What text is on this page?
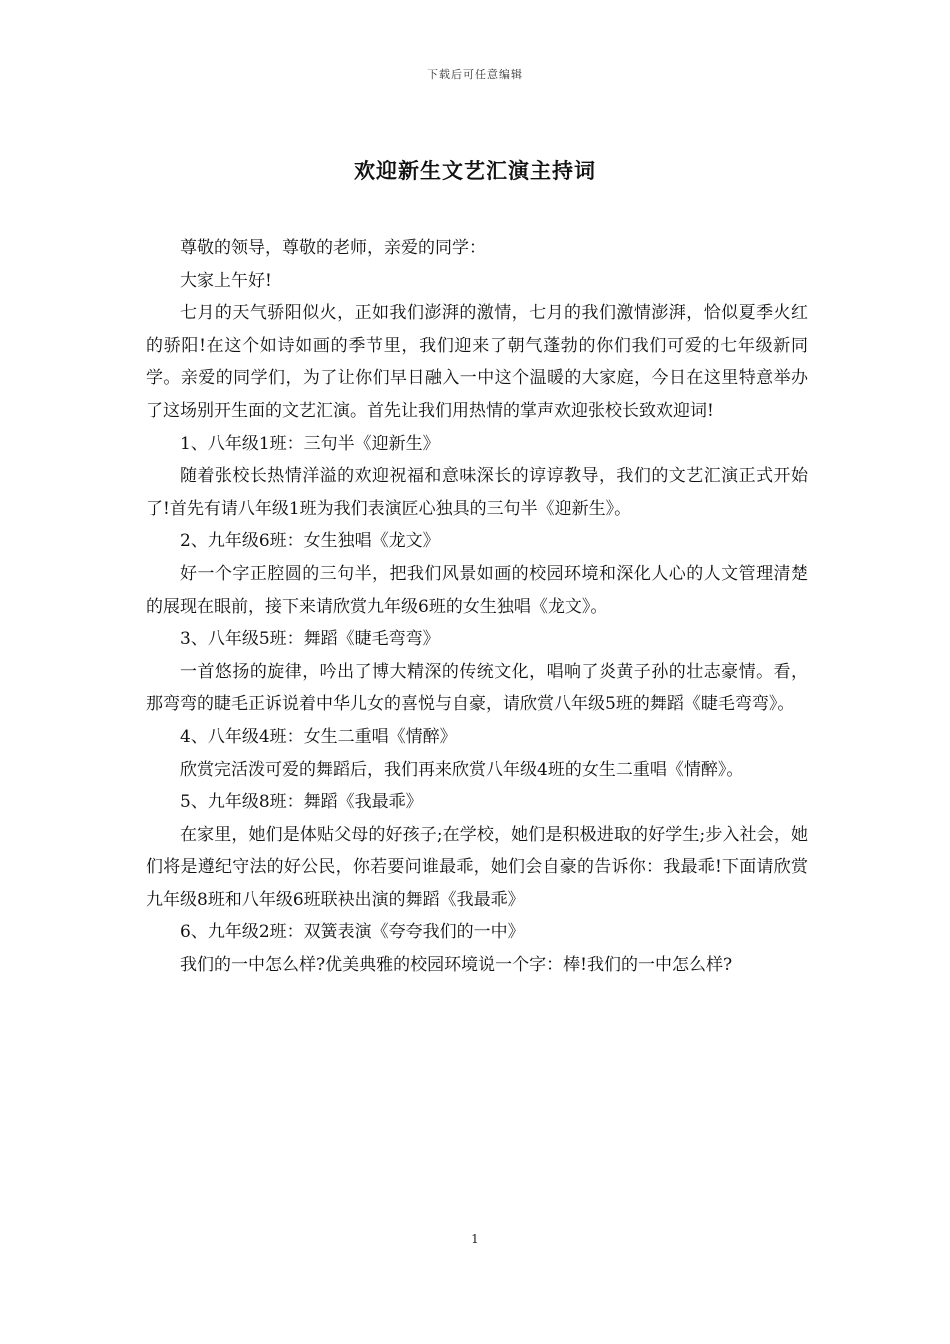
下载后可任意编辑
欢迎新生文艺汇演主持词

尊敬的领导，尊敬的老师，亲爱的同学：

大家上午好!

七月的天气骄阳似火，正如我们澎湃的激情，七月的我们激情澎湃，恰似夏季火红的骄阳!在这个如诗如画的季节里，我们迎来了朝气蓬勃的你们我们可爱的七年级新同学。亲爱的同学们，为了让你们早日融入一中这个温暖的大家庭，今日在这里特意举办了这场别开生面的文艺汇演。首先让我们用热情的掌声欢迎张校长致欢迎词!

1、八年级1班：三句半《迎新生》

随着张校长热情洋溢的欢迎祝福和意味深长的谆谆教导，我们的文艺汇演正式开始了!首先有请八年级1班为我们表演匠心独具的三句半《迎新生》。

2、九年级6班：女生独唱《龙文》

好一个字正腔圆的三句半，把我们风景如画的校园环境和深化人心的人文管理清楚的展现在眼前，接下来请欣赏九年级6班的女生独唱《龙文》。

3、八年级5班：舞蹈《睫毛弯弯》

一首悠扬的旋律，吟出了博大精深的传统文化，唱响了炎黄子孙的壮志豪情。看，那弯弯的睫毛正诉说着中华儿女的喜悦与自豪，请欣赏八年级5班的舞蹈《睫毛弯弯》。

4、八年级4班：女生二重唱《情醉》

欣赏完活泼可爱的舞蹈后，我们再来欣赏八年级4班的女生二重唱《情醉》。

5、九年级8班：舞蹈《我最乖》

在家里，她们是体贴父母的好孩子;在学校，她们是积极进取的好学生;步入社会，她们将是遵纪守法的好公民，你若要问谁最乖，她们会自豪的告诉你：我最乖!下面请欣赏九年级8班和八年级6班联袂出演的舞蹈《我最乖》

6、九年级2班：双簧表演《夸夸我们的一中》

我们的一中怎么样?优美典雅的校园环境说一个字：棒!我们的一中怎么样?

1
